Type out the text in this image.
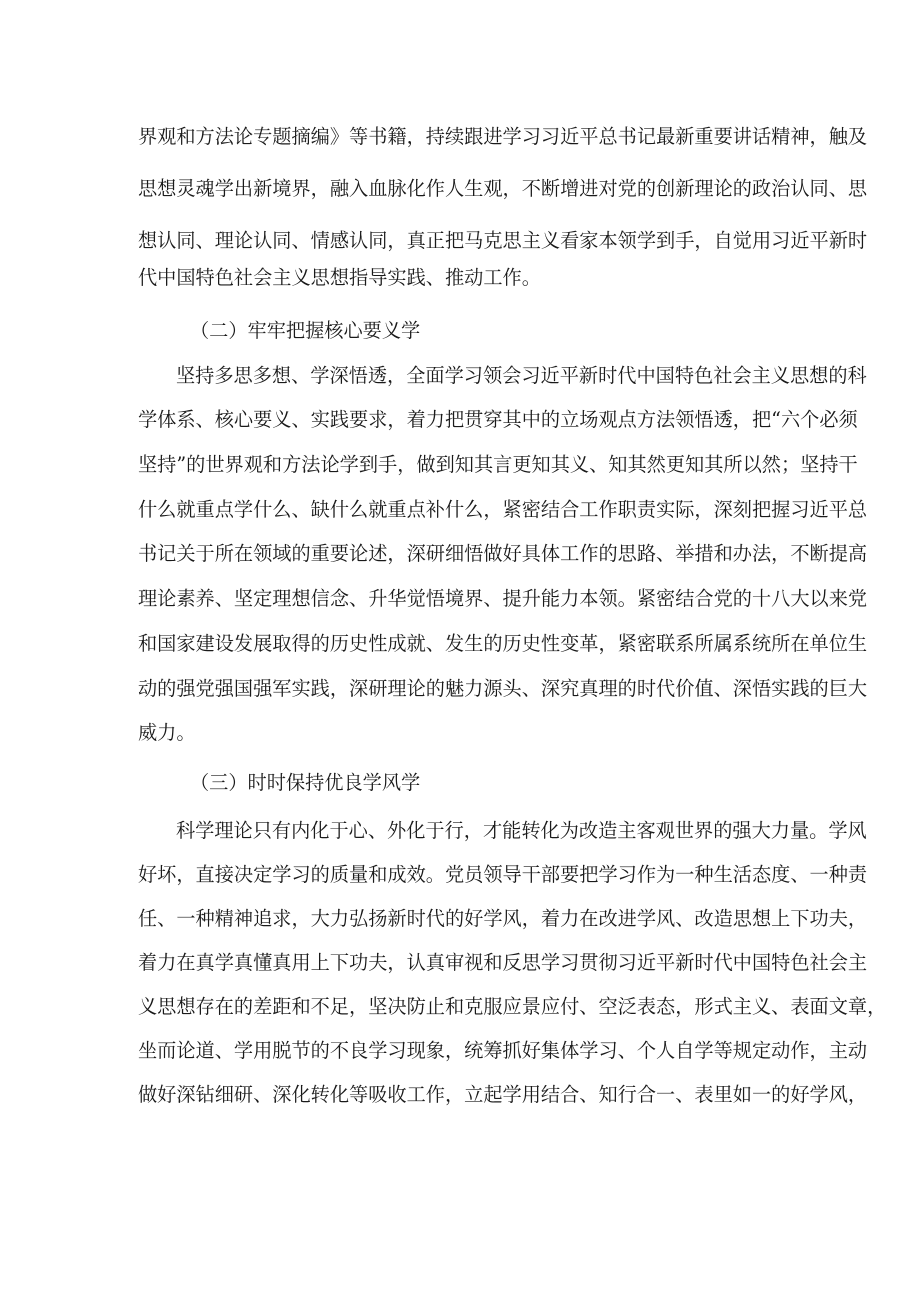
界观和方法论专题摘编》等书籍，持续跟进学习习近平总书记最新重要讲话精神，触及
思想灵魂学出新境界，融入血脉化作人生观，不断增进对党的创新理论的政治认同、思
想认同、理论认同、情感认同，真正把马克思主义看家本领学到手，自觉用习近平新时
代中国特色社会主义思想指导实践、推动工作。
（二）牢牢把握核心要义学
坚持多思多想、学深悟透，全面学习领会习近平新时代中国特色社会主义思想的科
学体系、核心要义、实践要求，着力把贯穿其中的立场观点方法领悟透，把“六个必须
坚持”的世界观和方法论学到手，做到知其言更知其义、知其然更知其所以然；坚持干
什么就重点学什么、缺什么就重点补什么，紧密结合工作职责实际，深刻把握习近平总
书记关于所在领域的重要论述，深研细悟做好具体工作的思路、举措和办法，不断提高
理论素养、坚定理想信念、升华觉悟境界、提升能力本领。紧密结合党的十八大以来党
和国家建设发展取得的历史性成就、发生的历史性变革，紧密联系所属系统所在单位生
动的强党强国强军实践，深研理论的魅力源头、深究真理的时代价值、深悟实践的巨大
威力。
（三）时时保持优良学风学
科学理论只有内化于心、外化于行，才能转化为改造主客观世界的强大力量。学风
好坏，直接决定学习的质量和成效。党员领导干部要把学习作为一种生活态度、一种责
任、一种精神追求，大力弘扬新时代的好学风，着力在改进学风、改造思想上下功夫，
着力在真学真懂真用上下功夫，认真审视和反思学习贯彻习近平新时代中国特色社会主
义思想存在的差距和不足，坚决防止和克服应景应付、空泛表态，形式主义、表面文章，
坐而论道、学用脱节的不良学习现象，统筹抓好集体学习、个人自学等规定动作，主动
做好深钻细研、深化转化等吸收工作，立起学用结合、知行合一、表里如一的好学风，
